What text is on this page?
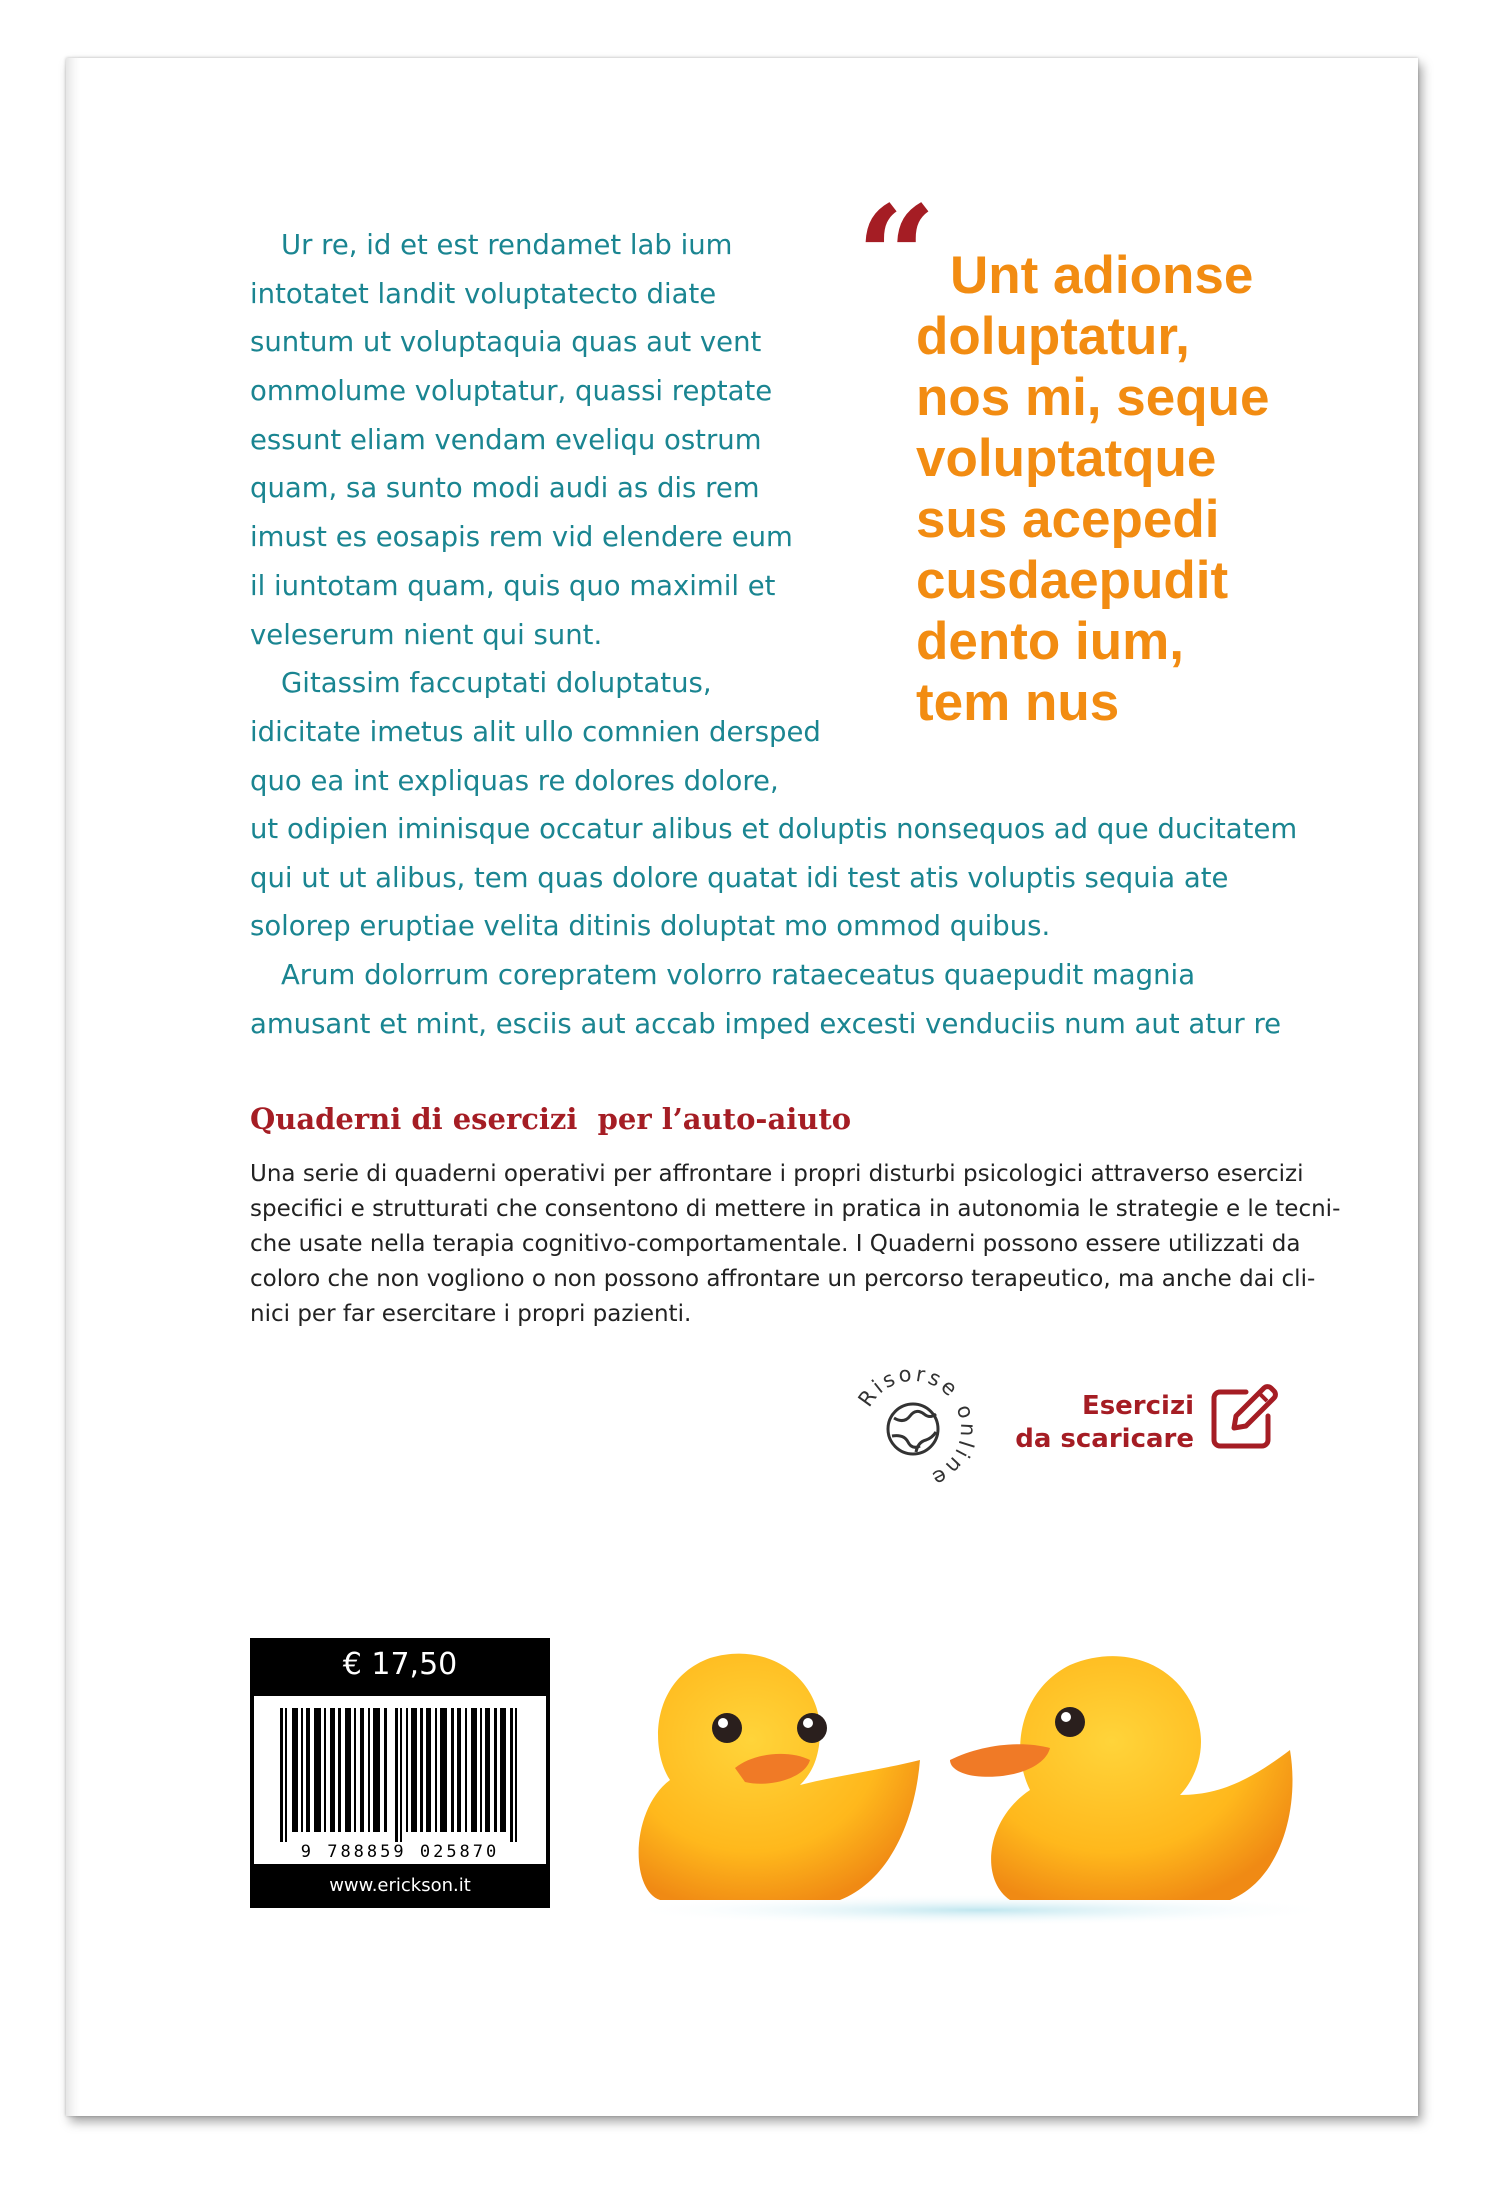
Ur re, id et est rendamet lab ium
intotatet landit voluptatecto diate
suntum ut voluptaquia quas aut vent
ommolume voluptatur, quassi reptate
essunt eliam vendam eveliqu ostrum
quam, sa sunto modi audi as dis rem
imust es eosapis rem vid elendere eum
il iuntotam quam, quis quo maximil et
veleserum nient qui sunt.
Gitassim faccuptati doluptatus,
idicitate imetus alit ullo comnien dersped
quo ea int expliquas re dolores dolore,
ut odipien iminisque occatur alibus et doluptis nonsequos ad que ducitatem
qui ut ut alibus, tem quas dolore quatat idi test atis voluptis sequia ate
solorep eruptiae velita ditinis doluptat mo ommod quibus.
Arum dolorrum corepratem volorro rataeceatus quaepudit magnia
amusant et mint, esciis aut accab imped excesti venduciis num aut atur re
“ Unt adionse
doluptatur,
nos mi, seque
voluptatque
sus acepedi
cusdaepudit
dento ium,
tem nus
Quaderni di esercizi  per l’auto-aiuto
Una serie di quaderni operativi per affrontare i propri disturbi psicologici attraverso esercizi
specifici e strutturati che consentono di mettere in pratica in autonomia le strategie e le tecni-
che usate nella terapia cognitivo-comportamentale. I Quaderni possono essere utilizzati da
coloro che non vogliono o non possono affrontare un percorso terapeutico, ma anche dai cli-
nici per far esercitare i propri pazienti.
Risorse online
Esercizi
da scaricare
€ 17,50
9 788859 025870
www.erickson.it
